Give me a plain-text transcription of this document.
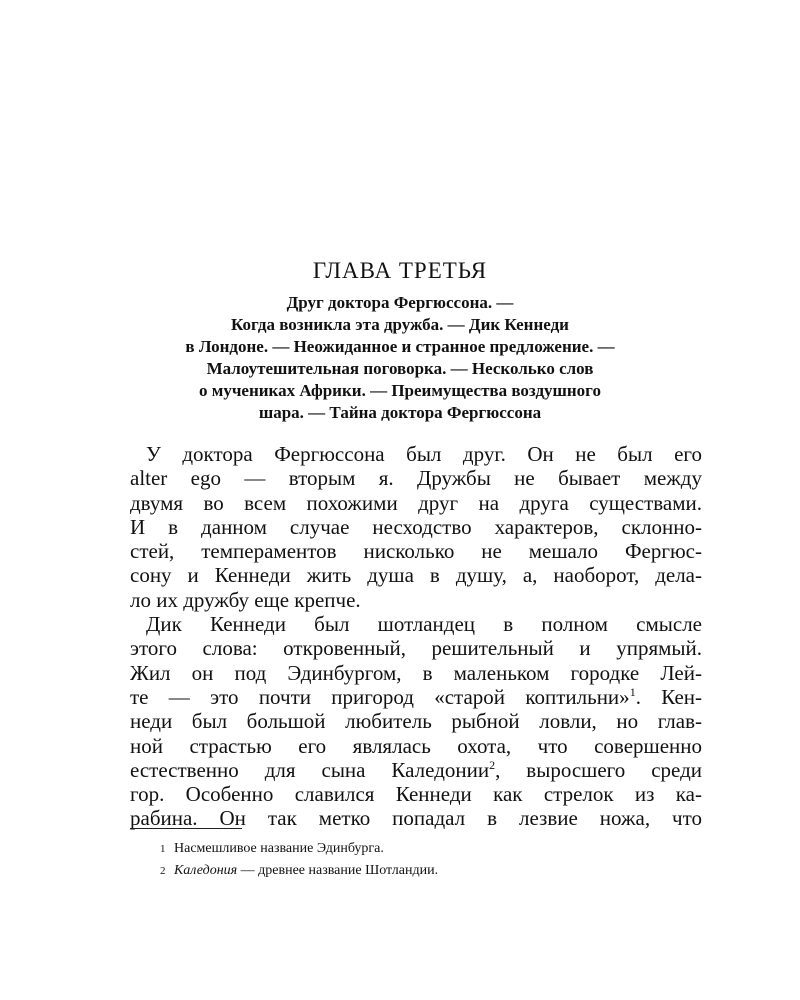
ГЛАВА ТРЕТЬЯ
Друг доктора Фергюссона. —
Когда возникла эта дружба. — Дик Кеннеди
в Лондоне. — Неожиданное и странное предложение. —
Малоутешительная поговорка. — Несколько слов
о мучениках Африки. — Преимущества воздушного
шара. — Тайна доктора Фергюссона
У доктора Фергюссона был друг. Он не был его
alter ego — вторым я. Дружбы не бывает между
двумя во всем похожими друг на друга существами.
И в данном случае несходство характеров, склонно-
стей, темпераментов нисколько не мешало Фергюс-
сону и Кеннеди жить душа в душу, а, наоборот, дела-
ло их дружбу еще крепче.
Дик Кеннеди был шотландец в полном смысле
этого слова: откровенный, решительный и упрямый.
Жил он под Эдинбургом, в маленьком городке Лей-
те — это почти пригород «старой коптильни»$^1$. Кен-
неди был большой любитель рыбной ловли, но глав-
ной страстью его являлась охота, что совершенно
естественно для сына Каледонии$^2$, выросшего среди
гор. Особенно славился Кеннеди как стрелок из ка-
рабина. Он так метко попадал в лезвие ножа, что
1 Насмешливое название Эдинбурга.
2 Каледония — древнее название Шотландии.
